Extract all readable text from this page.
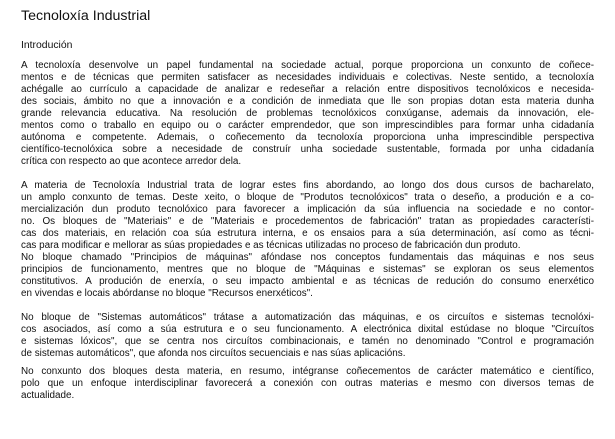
Tecnoloxía Industrial
Introdución

A tecnoloxía desenvolve un papel fundamental na sociedade actual, porque proporciona un conxunto de coñece-

mentos e de técnicas que permiten satisfacer as necesidades individuais e colectivas. Neste sentido, a tecnoloxía

achégalle ao currículo a capacidade de analizar e redeseñar a relación entre dispositivos tecnolóxicos e necesida-

des sociais, ámbito no que a innovación e a condición de inmediata que lle son propias dotan esta materia dunha

grande relevancia educativa. Na resolución de problemas tecnolóxicos conxúganse, ademais da innovación, ele-

mentos como o traballo en equipo ou o carácter emprendedor, que son imprescindibles para formar unha cidadanía

autónoma e competente. Ademais, o coñecemento da tecnoloxía proporciona unha imprescindible perspectiva

científico-tecnolóxica sobre a necesidade de construír unha sociedade sustentable, formada por unha cidadanía

crítica con respecto ao que acontece arredor dela.

A materia de Tecnoloxía Industrial trata de lograr estes fins abordando, ao longo dos dous cursos de bacharelato,

un amplo conxunto de temas. Deste xeito, o bloque de "Produtos tecnolóxicos" trata o deseño, a produción e a co-

mercialización dun produto tecnolóxico para favorecer a implicación da súa influencia na sociedade e no contor-

no. Os bloques de "Materiais" e de "Materiais e procedementos de fabricación" tratan as propiedades característi-

cas dos materiais, en relación coa súa estrutura interna, e os ensaios para a súa determinación, así como as técni-

cas para modificar e mellorar as súas propiedades e as técnicas utilizadas no proceso de fabricación dun produto.

No bloque chamado "Principios de máquinas" afóndase nos conceptos fundamentais das máquinas e nos seus

principios de funcionamento, mentres que no bloque de "Máquinas e sistemas" se exploran os seus elementos

constitutivos. A produción de enerxía, o seu impacto ambiental e as técnicas de redución do consumo enerxético

en vivendas e locais abórdanse no bloque "Recursos enerxéticos".

No bloque de "Sistemas automáticos" trátase a automatización das máquinas, e os circuítos e sistemas tecnolóxi-

cos asociados, así como a súa estrutura e o seu funcionamento. A electrónica dixital estúdase no bloque "Circuítos

e sistemas lóxicos", que se centra nos circuítos combinacionais, e tamén no denominado "Control e programación

de sistemas automáticos", que afonda nos circuítos secuenciais e nas súas aplicacións.

No conxunto dos bloques desta materia, en resumo, intégranse coñecementos de carácter matemático e científico,

polo que un enfoque interdisciplinar favorecerá a conexión con outras materias e mesmo con diversos temas de

actualidade.
